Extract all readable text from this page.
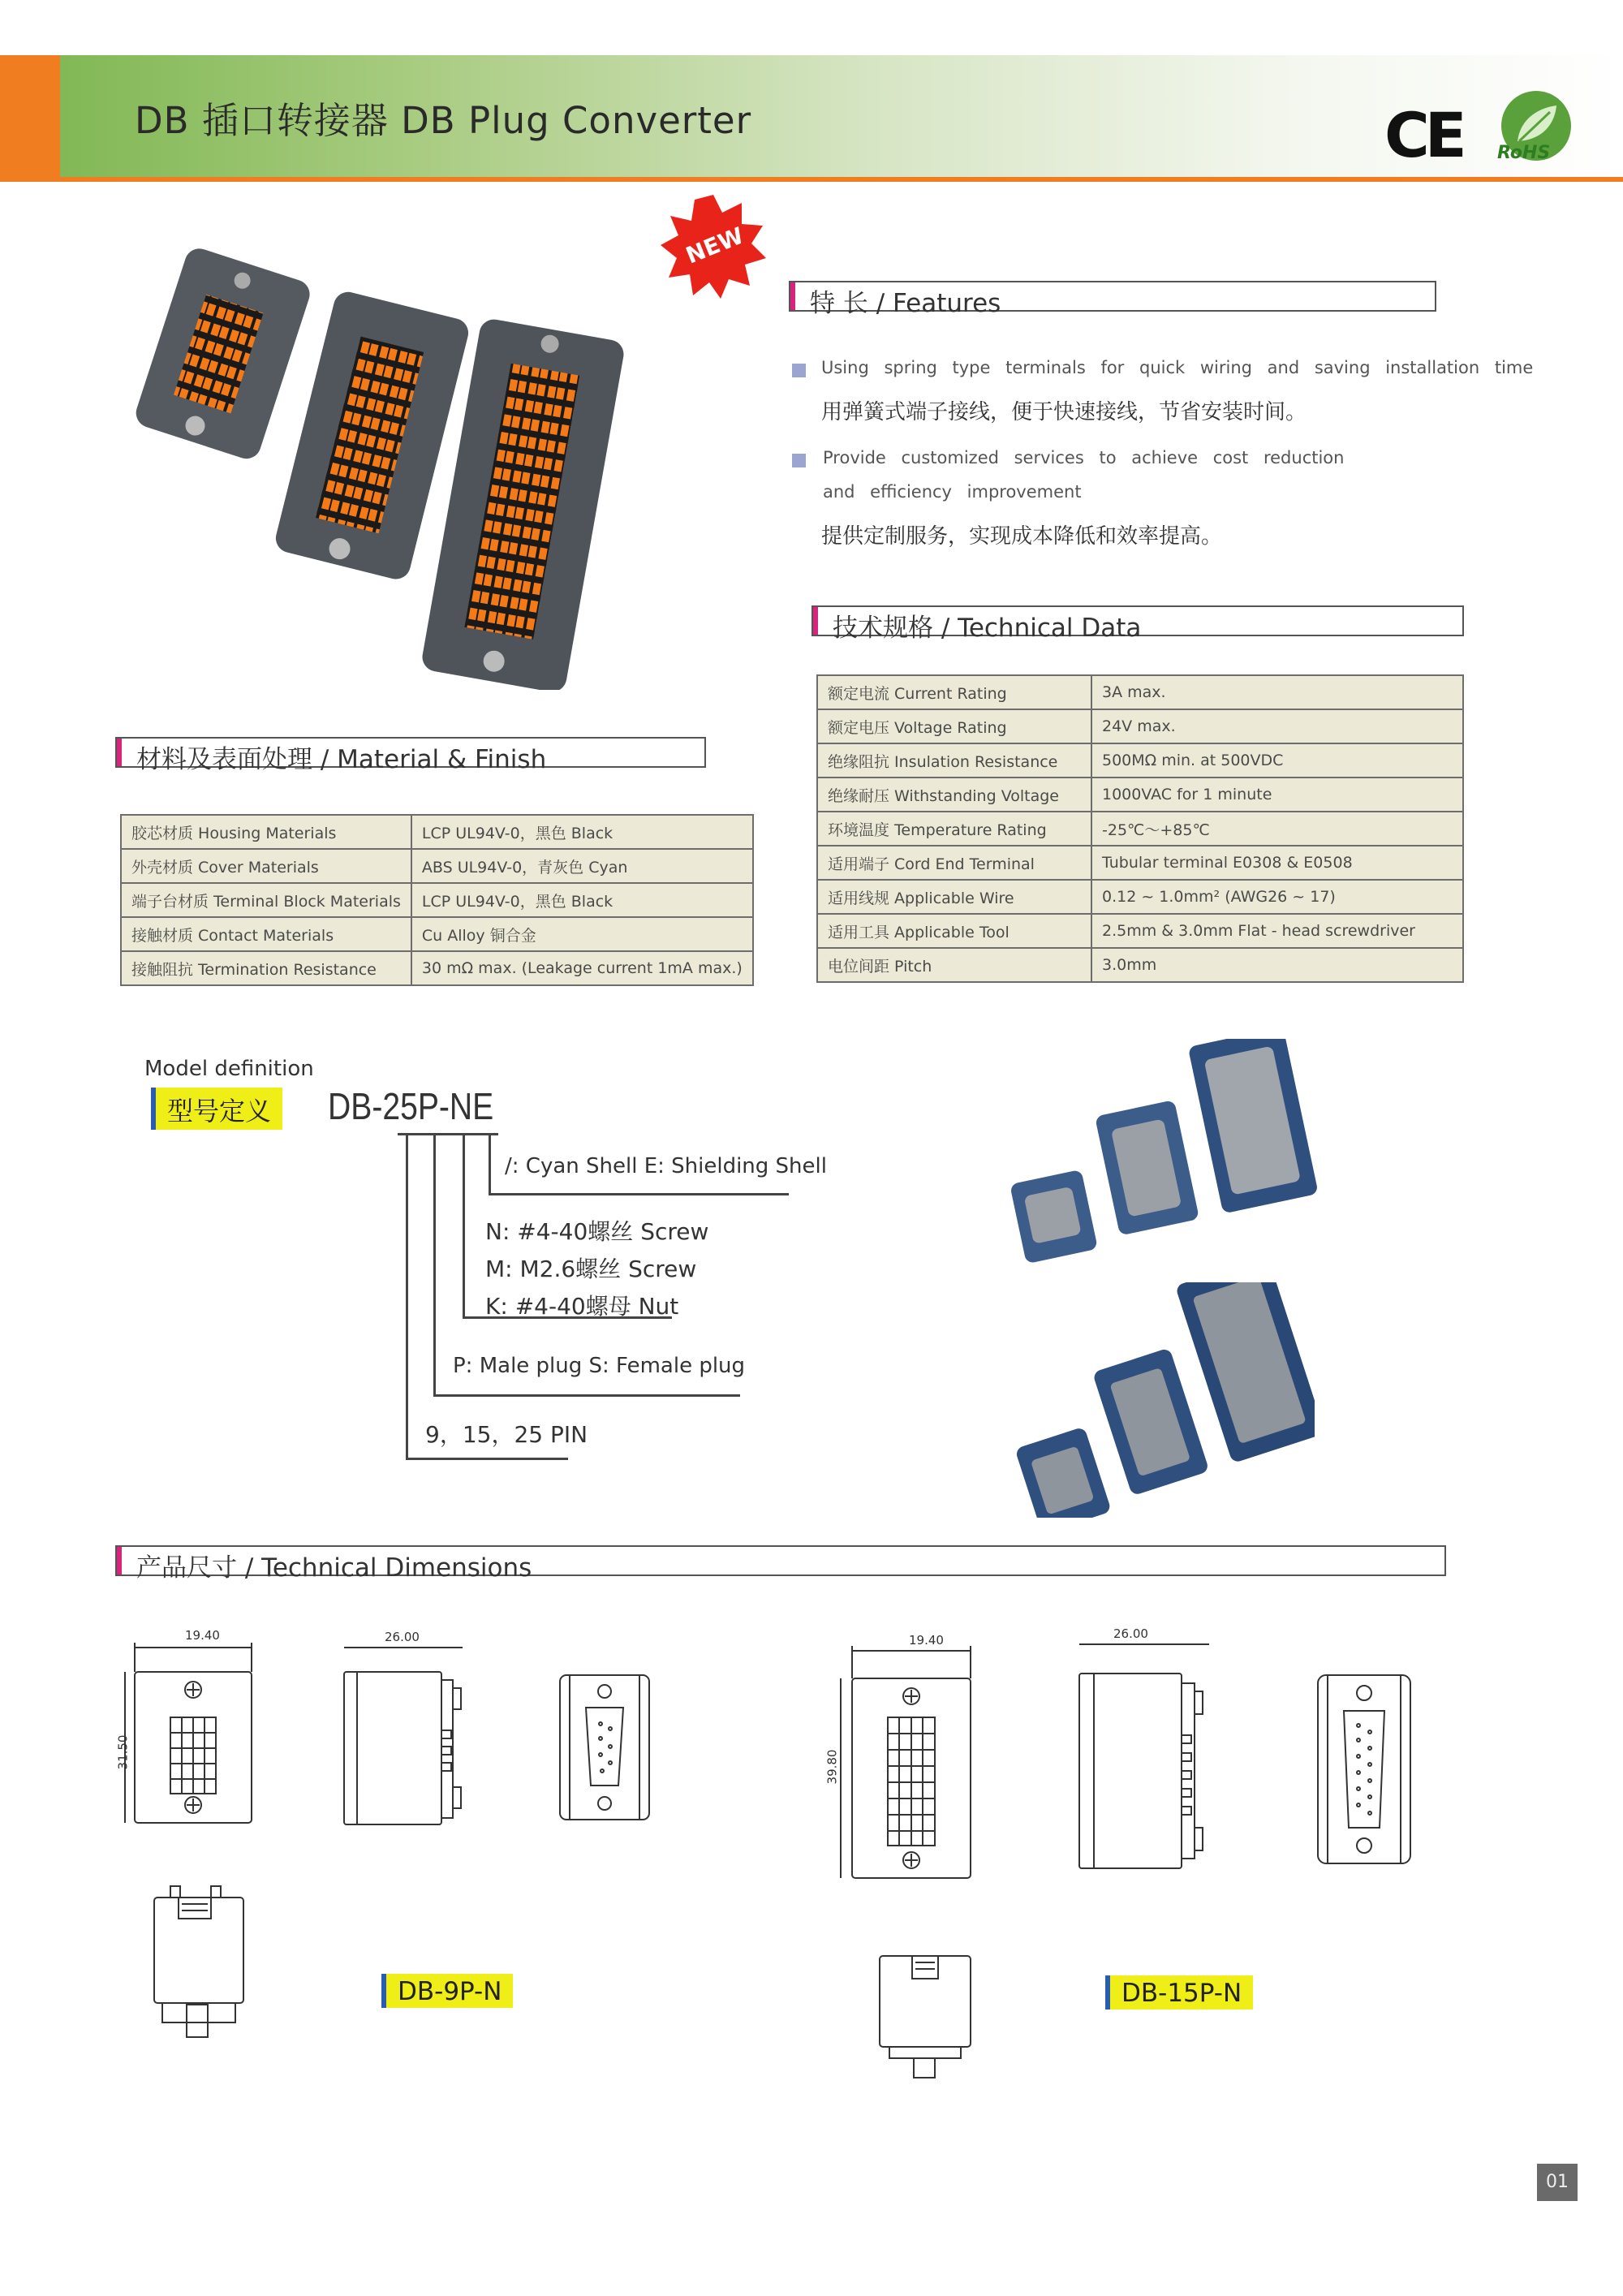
DB 插口转接器 DB Plug Converter	CE RoHS
NEW
特 长 / Features
Using spring type terminals for quick wiring and saving installation time
用弹簧式端子接线，便于快速接线，节省安装时间。
Provide customized services to achieve cost reduction
and efficiency improvement
提供定制服务，实现成本降低和效率提高。
技术规格 / Technical Data
额定电流 Current Rating	3A max.
额定电压 Voltage Rating	24V max.
绝缘阻抗 Insulation Resistance	500MΩ min. at 500VDC
绝缘耐压 Withstanding Voltage	1000VAC for 1 minute
环境温度 Temperature Rating	-25℃～+85℃
适用端子 Cord End Terminal	Tubular terminal E0308 & E0508
适用线规 Applicable Wire	0.12 ~ 1.0mm² (AWG26 ~ 17)
适用工具 Applicable Tool	2.5mm & 3.0mm Flat - head screwdriver
电位间距 Pitch	3.0mm
材料及表面处理 / Material & Finish
胶芯材质 Housing Materials	LCP UL94V-0，黑色 Black
外壳材质 Cover Materials	ABS UL94V-0，青灰色 Cyan
端子台材质 Terminal Block Materials	LCP UL94V-0，黑色 Black
接触材质 Contact Materials	Cu Alloy 铜合金
接触阻抗 Termination Resistance	30 mΩ max. (Leakage current 1mA max.)
Model definition
型号定义	DB-25P-NE
/: Cyan Shell E: Shielding Shell
N: #4-40螺丝 Screw
M: M2.6螺丝 Screw
K: #4-40螺母 Nut
P: Male plug S: Female plug
9，15，25 PIN
产品尺寸 / Technical Dimensions
19.40	26.00
31.50
DB-9P-N
19.40	26.00
39.80
DB-15P-N
01
